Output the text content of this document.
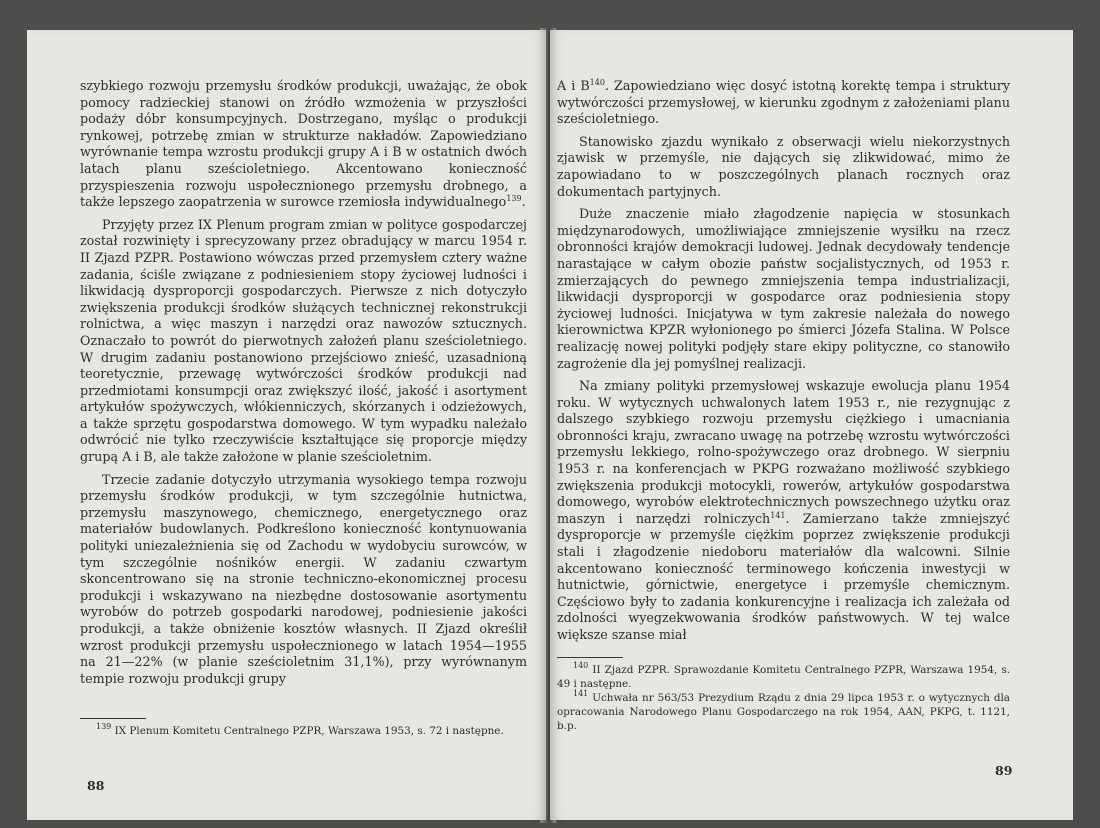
szybkiego rozwoju przemysłu środków produkcji, uważając, że obok pomocy radzieckiej stanowi on źródło wzmożenia w przyszłości podaży dóbr konsumpcyjnych. Dostrzegano, myśląc o produkcji rynkowej, potrzebę zmian w strukturze nakładów. Zapowiedziano wyrównanie tempa wzrostu produkcji grupy A i B w ostatnich dwóch latach planu sześcioletniego. Akcentowano konieczność przyspieszenia rozwoju uspołecznionego przemysłu drobnego, a także lepszego zaopatrzenia w surowce rzemiosła indywidualnego$^{139}$.

Przyjęty przez IX Plenum program zmian w polityce gospodarczej został rozwinięty i sprecyzowany przez obradujący w marcu 1954 r. II Zjazd PZPR. Postawiono wówczas przed przemysłem cztery ważne zadania, ściśle związane z podniesieniem stopy życiowej ludności i likwidacją dysproporcji gospodarczych. Pierwsze z nich dotyczyło zwiększenia produkcji środków służących technicznej rekonstrukcji rolnictwa, a więc maszyn i narzędzi oraz nawozów sztucznych. Oznaczało to powrót do pierwotnych założeń planu sześcioletniego. W drugim zadaniu postanowiono przejściowo znieść, uzasadnioną teoretycznie, przewagę wytwórczości środków produkcji nad przedmiotami konsumpcji oraz zwiększyć ilość, jakość i asortyment artykułów spożywczych, włókienniczych, skórzanych i odzieżowych, a także sprzętu gospodarstwa domowego. W tym wypadku należało odwrócić nie tylko rzeczywiście kształtujące się proporcje między grupą A i B, ale także założone w planie sześcioletnim.

Trzecie zadanie dotyczyło utrzymania wysokiego tempa rozwoju przemysłu środków produkcji, w tym szczególnie hutnictwa, przemysłu maszynowego, chemicznego, energetycznego oraz materiałów budowlanych. Podkreślono konieczność kontynuowania polityki uniezależnienia się od Zachodu w wydobyciu surowców, w tym szczególnie nośników energii. W zadaniu czwartym skoncentrowano się na stronie techniczno-ekonomicznej procesu produkcji i wskazywano na niezbędne dostosowanie asortymentu wyrobów do potrzeb gospodarki narodowej, podniesienie jakości produkcji, a także obniżenie kosztów własnych. II Zjazd określił wzrost produkcji przemysłu uspołecznionego w latach 1954—1955 na 21—22% (w planie sześcioletnim 31,1%), przy wyrównanym tempie rozwoju produkcji grupy

$^{139}$ IX Plenum Komitetu Centralnego PZPR, Warszawa 1953, s. 72 i następne.

88

A i $B^{140}$. Zapowiedziano więc dosyć istotną korektę tempa i struktury wytwórczości przemysłowej, w kierunku zgodnym z założeniami planu sześcioletniego.

Stanowisko zjazdu wynikało z obserwacji wielu niekorzystnych zjawisk w przemyśle, nie dających się zlikwidować, mimo że zapowiadano to w poszczególnych planach rocznych oraz dokumentach partyjnych.

Duże znaczenie miało złagodzenie napięcia w stosunkach międzynarodowych, umożliwiające zmniejszenie wysiłku na rzecz obronności krajów demokracji ludowej. Jednak decydowały tendencje narastające w całym obozie państw socjalistycznych, od 1953 r. zmierzających do pewnego zmniejszenia tempa industrializacji, likwidacji dysproporcji w gospodarce oraz podniesienia stopy życiowej ludności. Inicjatywa w tym zakresie należała do nowego kierownictwa KPZR wyłonionego po śmierci Józefa Stalina. W Polsce realizację nowej polityki podjęły stare ekipy polityczne, co stanowiło zagrożenie dla jej pomyślnej realizacji.

Na zmiany polityki przemysłowej wskazuje ewolucja planu 1954 roku. W wytycznych uchwalonych latem 1953 r., nie rezygnując z dalszego szybkiego rozwoju przemysłu ciężkiego i umacniania obronności kraju, zwracano uwagę na potrzebę wzrostu wytwórczości przemysłu lekkiego, rolno-spożywczego oraz drobnego. W sierpniu 1953 r. na konferencjach w PKPG rozważano możliwość szybkiego zwiększenia produkcji motocykli, rowerów, artykułów gospodarstwa domowego, wyrobów elektrotechnicznych powszechnego użytku oraz maszyn i narzędzi rolniczych$^{141}$. Zamierzano także zmniejszyć dysproporcje w przemyśle ciężkim poprzez zwiększenie produkcji stali i złagodzenie niedoboru materiałów dla walcowni. Silnie akcentowano konieczność terminowego kończenia inwestycji w hutnictwie, górnictwie, energetyce i przemyśle chemicznym. Częściowo były to zadania konkurencyjne i realizacja ich zależała od zdolności wyegzekwowania środków państwowych. W tej walce większe szanse miał

$^{140}$ II Zjazd PZPR. Sprawozdanie Komitetu Centralnego PZPR, Warszawa 1954, s. 49 i następne.

$^{141}$ Uchwała nr 563/53 Prezydium Rządu z dnia 29 lipca 1953 r. o wytycznych dla opracowania Narodowego Planu Gospodarczego na rok 1954, AAN, PKPG, t. 1121, b.p.

89
